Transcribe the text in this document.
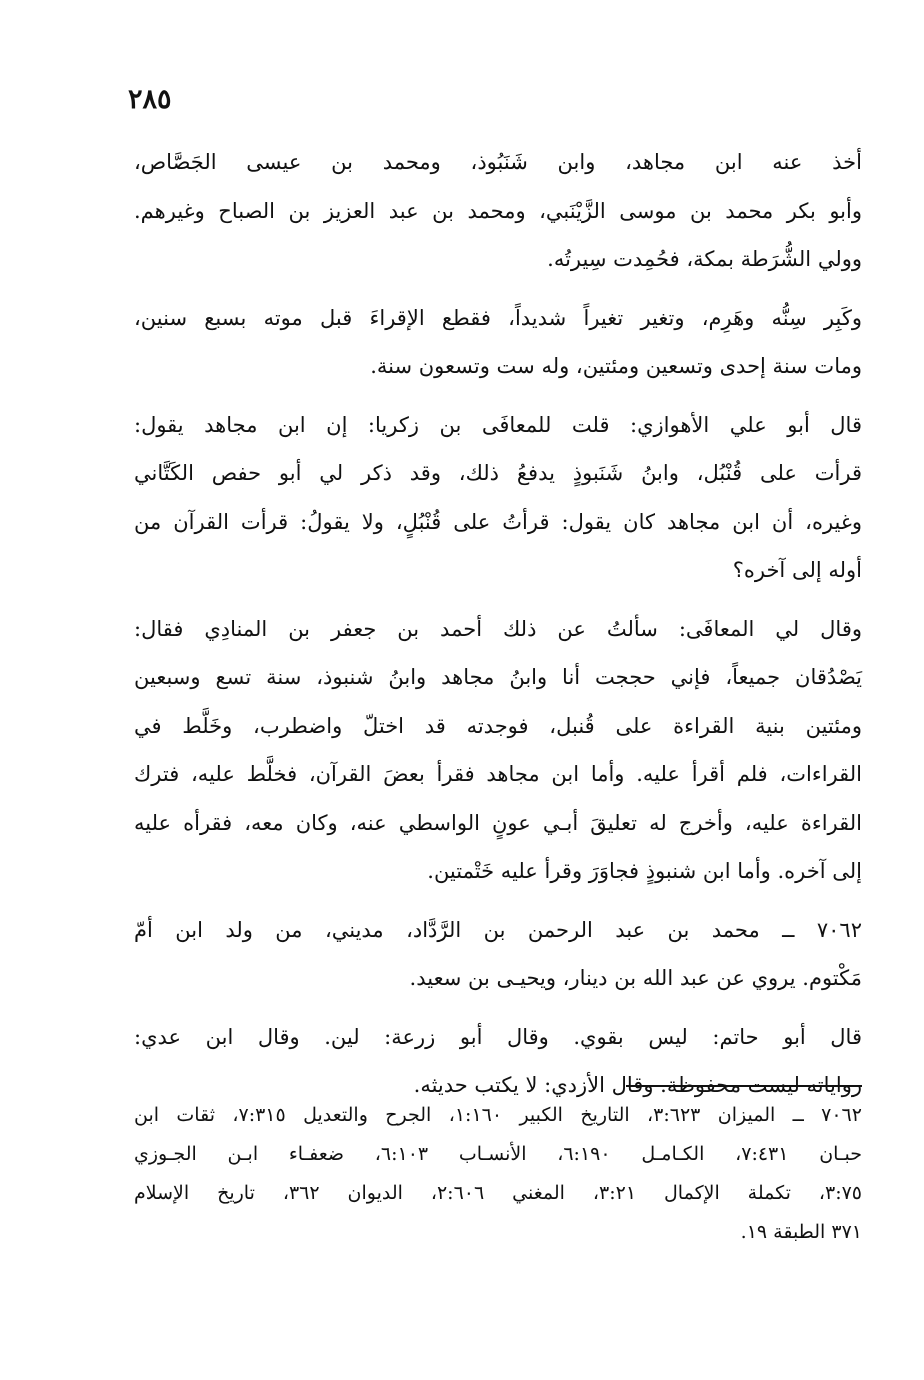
٢٨٥

أخذ عنه ابن مجاهد، وابن شَنَبُوذ، ومحمد بن عيسى الجَصَّاص،
وأبو بكر محمد بن موسى الزَّيْنَبي، ومحمد بن عبد العزيز بن الصباح وغيرهم.
وولي الشُّرَطة بمكة، فحُمِدت سِيرتُه.

وكَبِر سِنُّه وهَرِم، وتغير تغيراً شديداً، فقطع الإقراءَ قبل موته بسبع سنين،
ومات سنة إحدى وتسعين ومئتين، وله ست وتسعون سنة.

قال أبو علي الأهوازي: قلت للمعافَى بن زكريا: إن ابن مجاهد يقول:
قرأت على قُنْبُل، وابنُ شَنَبوذٍ يدفعُ ذلك، وقد ذكر لي أبو حفص الكَتَّاني
وغيره، أن ابن مجاهد كان يقول: قرأتُ على قُنْبُلٍ، ولا يقولُ: قرأت القرآن من
أوله إلى آخره؟

وقال لي المعافَى: سألتُ عن ذلك أحمد بن جعفر بن المنادِي فقال:
يَصْدُقان جميعاً، فإني حججت أنا وابنُ مجاهد وابنُ شنبوذ، سنة تسع وسبعين
ومئتين بنية القراءة على قُنبل، فوجدته قد اختلّ واضطرب، وخَلَّط في
القراءات، فلم أقرأ عليه. وأما ابن مجاهد فقرأ بعضَ القرآن، فخلَّط عليه، فترك
القراءة عليه، وأخرج له تعليقَ أبـي عونٍ الواسطي عنه، وكان معه، فقرأه عليه
إلى آخره. وأما ابن شنبوذٍ فجاوَرَ وقرأ عليه خَتْمتين.

٧٠٦٢ ــ محمد بن عبد الرحمن بن الرَّدَّاد، مديني، من ولد ابن أمّ
مَكْتوم. يروي عن عبد الله بن دينار، ويحيـى بن سعيد.

قال أبو حاتم: ليس بقوي. وقال أبو زرعة: لين. وقال ابن عدي:
رواياته ليست محفوظة. وقال الأزدي: لا يكتب حديثه.

٧٠٦٢ ــ الميزان ٣:٦٢٣، التاريخ الكبير ١:١٦٠، الجرح والتعديل ٧:٣١٥، ثقات ابن
حبـان ٧:٤٣١، الكـامـل ٦:١٩٠، الأنسـاب ٦:١٠٣، ضعفـاء ابـن الجـوزي
٣:٧٥، تكملة الإكمال ٣:٢١، المغني ٢:٦٠٦، الديوان ٣٦٢، تاريخ الإسلام
٣٧١ الطبقة ١٩.
